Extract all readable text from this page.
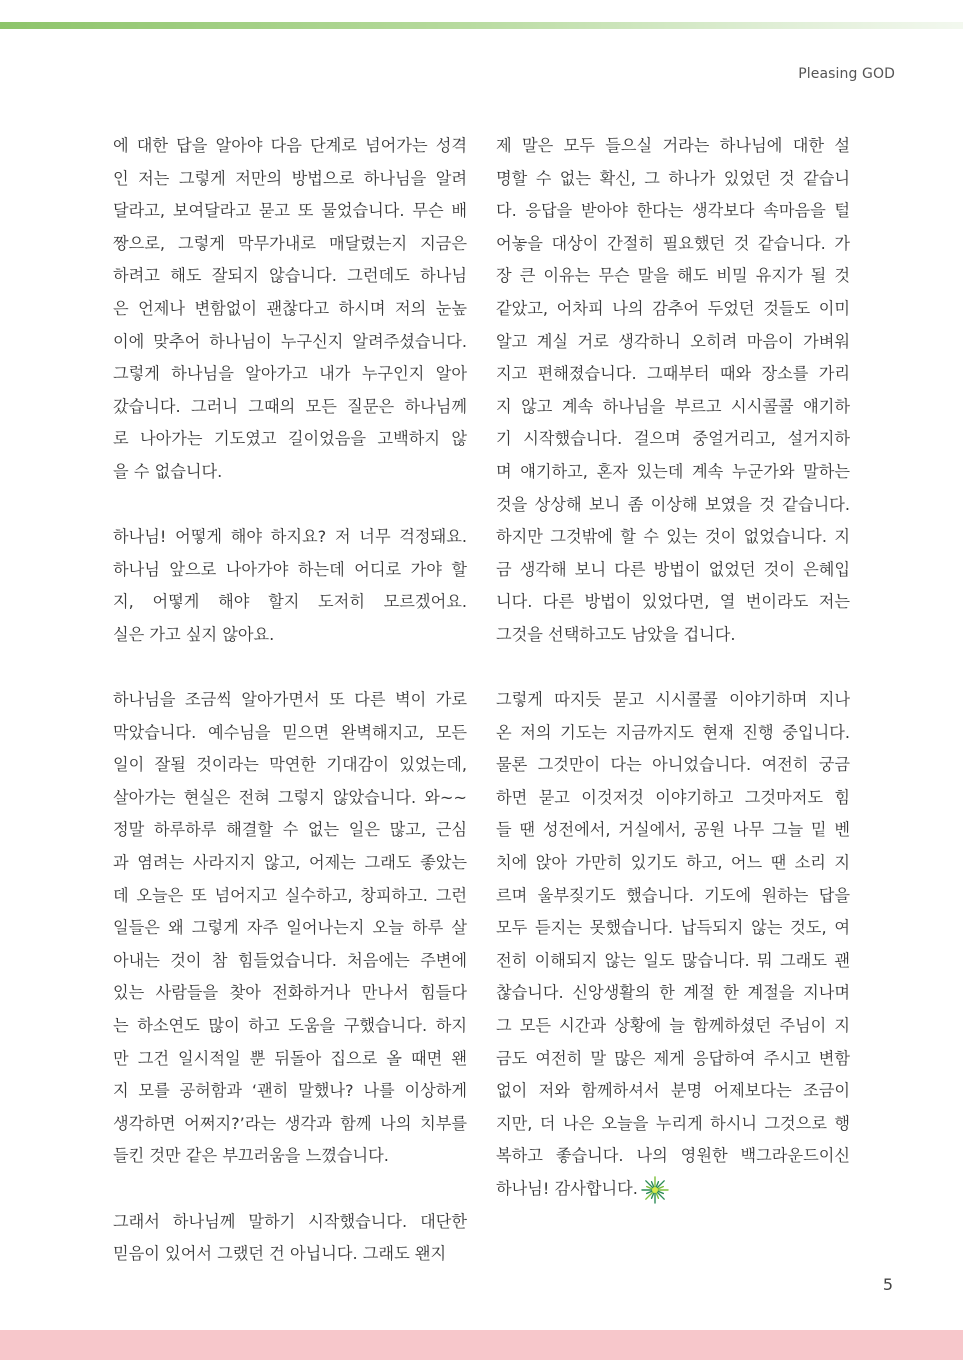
Pleasing GOD
에 대한 답을 알아야 다음 단계로 넘어가는 성격
인 저는 그렇게 저만의 방법으로 하나님을 알려
달라고, 보여달라고 묻고 또 물었습니다. 무슨 배
짱으로, 그렇게 막무가내로 매달렸는지 지금은
하려고 해도 잘되지 않습니다. 그런데도 하나님
은 언제나 변함없이 괜찮다고 하시며 저의 눈높
이에 맞추어 하나님이 누구신지 알려주셨습니다.
그렇게 하나님을 알아가고 내가 누구인지 알아
갔습니다. 그러니 그때의 모든 질문은 하나님께
로 나아가는 기도였고 길이었음을 고백하지 않
을 수 없습니다.
하나님! 어떻게 해야 하지요? 저 너무 걱정돼요.
하나님 앞으로 나아가야 하는데 어디로 가야 할
지, 어떻게 해야 할지 도저히 모르겠어요.
실은 가고 싶지 않아요.
하나님을 조금씩 알아가면서 또 다른 벽이 가로
막았습니다. 예수님을 믿으면 완벽해지고, 모든
일이 잘될 것이라는 막연한 기대감이 있었는데,
살아가는 현실은 전혀 그렇지 않았습니다. 와~~
정말 하루하루 해결할 수 없는 일은 많고, 근심
과 염려는 사라지지 않고, 어제는 그래도 좋았는
데 오늘은 또 넘어지고 실수하고, 창피하고. 그런
일들은 왜 그렇게 자주 일어나는지 오늘 하루 살
아내는 것이 참 힘들었습니다. 처음에는 주변에
있는 사람들을 찾아 전화하거나 만나서 힘들다
는 하소연도 많이 하고 도움을 구했습니다. 하지
만 그건 일시적일 뿐 뒤돌아 집으로 올 때면 왠
지 모를 공허함과 ‘괜히 말했나? 나를 이상하게
생각하면 어쩌지?’라는 생각과 함께 나의 치부를
들킨 것만 같은 부끄러움을 느꼈습니다.
그래서 하나님께 말하기 시작했습니다. 대단한
믿음이 있어서 그랬던 건 아닙니다. 그래도 왠지
제 말은 모두 들으실 거라는 하나님에 대한 설
명할 수 없는 확신, 그 하나가 있었던 것 같습니
다. 응답을 받아야 한다는 생각보다 속마음을 털
어놓을 대상이 간절히 필요했던 것 같습니다. 가
장 큰 이유는 무슨 말을 해도 비밀 유지가 될 것
같았고, 어차피 나의 감추어 두었던 것들도 이미
알고 계실 거로 생각하니 오히려 마음이 가벼워
지고 편해졌습니다. 그때부터 때와 장소를 가리
지 않고 계속 하나님을 부르고 시시콜콜 얘기하
기 시작했습니다. 걸으며 중얼거리고, 설거지하
며 얘기하고, 혼자 있는데 계속 누군가와 말하는
것을 상상해 보니 좀 이상해 보였을 것 같습니다.
하지만 그것밖에 할 수 있는 것이 없었습니다. 지
금 생각해 보니 다른 방법이 없었던 것이 은혜입
니다. 다른 방법이 있었다면, 열 번이라도 저는
그것을 선택하고도 남았을 겁니다.
그렇게 따지듯 묻고 시시콜콜 이야기하며 지나
온 저의 기도는 지금까지도 현재 진행 중입니다.
물론 그것만이 다는 아니었습니다. 여전히 궁금
하면 묻고 이것저것 이야기하고 그것마저도 힘
들 땐 성전에서, 거실에서, 공원 나무 그늘 밑 벤
치에 앉아 가만히 있기도 하고, 어느 땐 소리 지
르며 울부짖기도 했습니다. 기도에 원하는 답을
모두 듣지는 못했습니다. 납득되지 않는 것도, 여
전히 이해되지 않는 일도 많습니다. 뭐 그래도 괜
찮습니다. 신앙생활의 한 계절 한 계절을 지나며
그 모든 시간과 상황에 늘 함께하셨던 주님이 지
금도 여전히 말 많은 제게 응답하여 주시고 변함
없이 저와 함께하셔서 분명 어제보다는 조금이
지만, 더 나은 오늘을 누리게 하시니 그것으로 행
복하고 좋습니다. 나의 영원한 백그라운드이신
하나님! 감사합니다.
5
